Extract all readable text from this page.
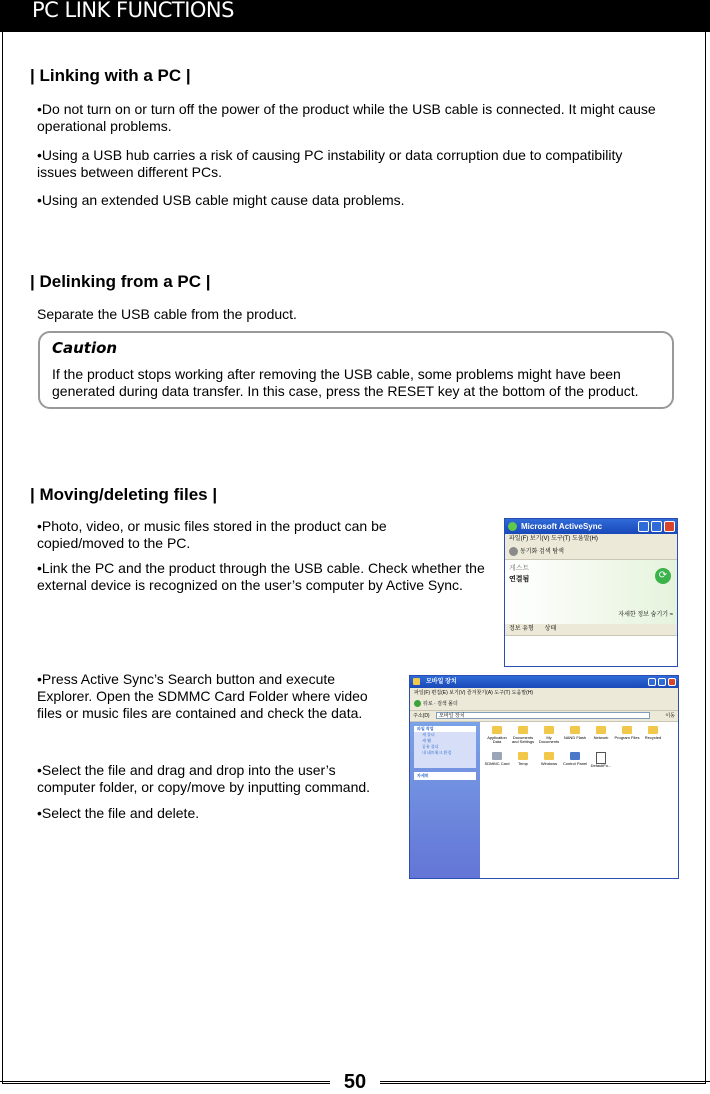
PC LINK FUNCTIONS
| Linking with a PC |
•Do not turn on or turn off the power of the product while the USB cable is connected. It might cause operational problems.
•Using a USB hub carries a risk of causing PC instability or data corruption due to compatibility issues between different PCs.
•Using an extended USB cable might cause data problems.
| Delinking from a PC |
Separate the USB cable from the product.
Caution
If the product stops working after removing the USB cable, some problems might have been generated during data transfer. In this case, press the RESET key at the bottom of the product.
| Moving/deleting files |
•Photo, video, or music files stored in the product can be copied/moved to the PC.
•Link the PC and the product through the USB cable. Check whether the external device is recognized on the user’s computer by Active Sync.
•Press Active Sync’s Search button and execute Explorer. Open the SDMMC Card Folder where video files or music files are contained and check the data.
•Select the file and drag and drop into the user’s computer folder, or copy/move by inputting command.
•Select the file and delete.
Microsoft ActiveSync
파일(F) 보기(V) 도구(T) 도움말(H)
동기화 검색 탐색
게스트
연결됨	⟳
자세한 정보 숨기기 ≈
정보 유형 상태
모바일 장치
파일(F) 편집(E) 보기(V) 즐겨찾기(A) 도구(T) 도움말(H)
뒤로 · 검색 폴더
주소(D)	모바일 장치	이동
파일 작업
새 폴더
새 웹
공유 폴더
내 네트워크 환경
자세히
Application Data
Documents and Settings
My Documents
NAND Flash	Network	Program Files	Recycled
SDMMC Card	Temp	Windows	Control Panel DefaultFo...
50
